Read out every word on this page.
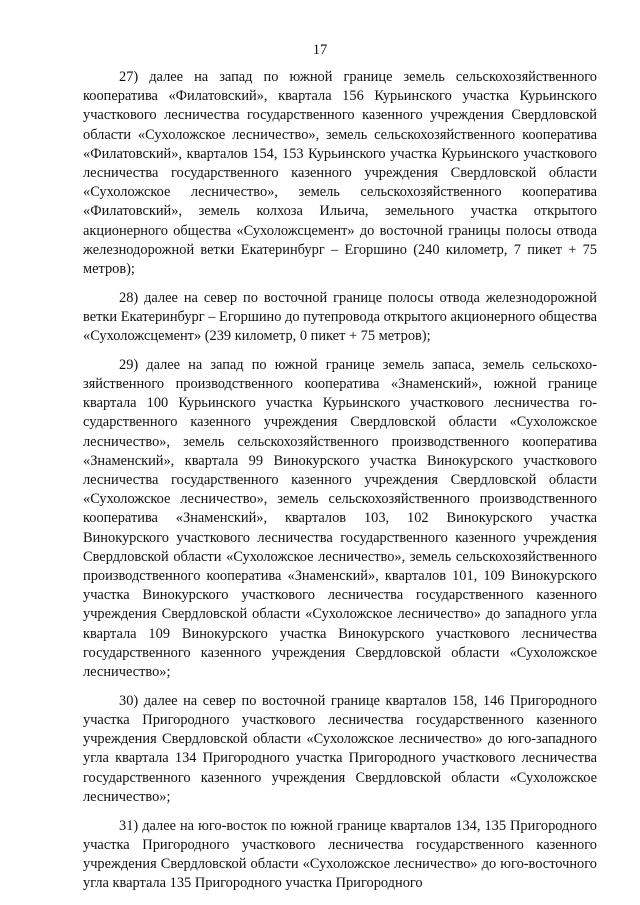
17

27) далее на запад по южной границе земель сельскохозяйственного кооператива «Филатовский», квартала 156 Курьинского участка Курьинского участкового лесничества государственного казенного учреждения Свердловской области «Сухоложское лесничество», земель сельскохозяйственного кооператива «Филатовский», кварталов 154, 153 Курьинского участка Курьинского участкового лесничества государственного казенного учреждения Свердловской области «Сухоложское лесничество», земель сельскохозяйственного кооператива «Филатовский», земель колхоза Ильича, земельного участка открытого акционерного общества «Сухоложсцемент» до восточной границы полосы отвода железнодорожной ветки Екатеринбург – Егоршино (240 километр, 7 пикет + 75 метров);

28) далее на север по восточной границе полосы отвода железнодорожной ветки Екатеринбург – Егоршино до путепровода открытого акционерного общества «Сухоложсцемент» (239 километр, 0 пикет + 75 метров);

29) далее на запад по южной границе земель запаса, земель сельскохозяйственного производственного кооператива «Знаменский», южной границе квартала 100 Курьинского участка Курьинского участкового лесничества государственного казенного учреждения Свердловской области «Сухоложское лесничество», земель сельскохозяйственного производственного кооператива «Знаменский», квартала 99 Винокурского участка Винокурского участкового лесничества государственного казенного учреждения Свердловской области «Сухоложское лесничество», земель сельскохозяйственного производственного кооператива «Знаменский», кварталов 103, 102 Винокурского участка Винокурского участкового лесничества государственного казенного учреждения Свердловской области «Сухоложское лесничество», земель сельскохозяйственного производственного кооператива «Знаменский», кварталов 101, 109 Винокурского участка Винокурского участкового лесничества государственного казенного учреждения Свердловской области «Сухоложское лесничество» до западного угла квартала 109 Винокурского участка Винокурского участкового лесничества государственного казенного учреждения Свердловской области «Сухоложское лесничество»;

30) далее на север по восточной границе кварталов 158, 146 Пригородного участка Пригородного участкового лесничества государственного казенного учреждения Свердловской области «Сухоложское лесничество» до юго-западного угла квартала 134 Пригородного участка Пригородного участкового лесничества государственного казенного учреждения Свердловской области «Сухоложское лесничество»;

31) далее на юго-восток по южной границе кварталов 134, 135 Пригородного участка Пригородного участкового лесничества государственного казенного учреждения Свердловской области «Сухоложское лесничество» до юго-восточного угла квартала 135 Пригородного участка Пригородного
